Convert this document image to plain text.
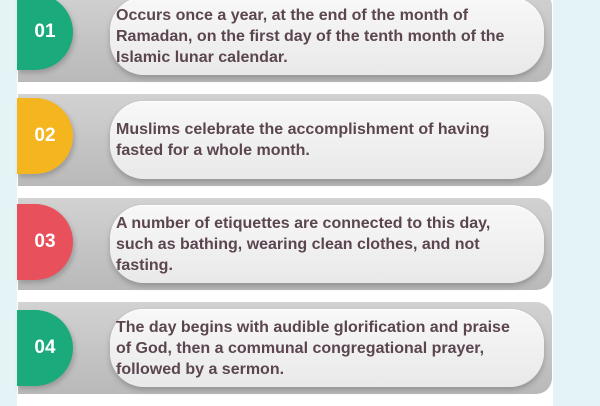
Occurs once a year, at the end of the month of Ramadan, on the first day of the tenth month of the Islamic lunar calendar.
01
Muslims celebrate the accomplishment of having fasted for a whole month.
02
A number of etiquettes are connected to this day, such as bathing, wearing clean clothes, and not fasting.
03
The day begins with audible glorification and praise of God, then a communal congregational prayer, followed by a sermon.
04
